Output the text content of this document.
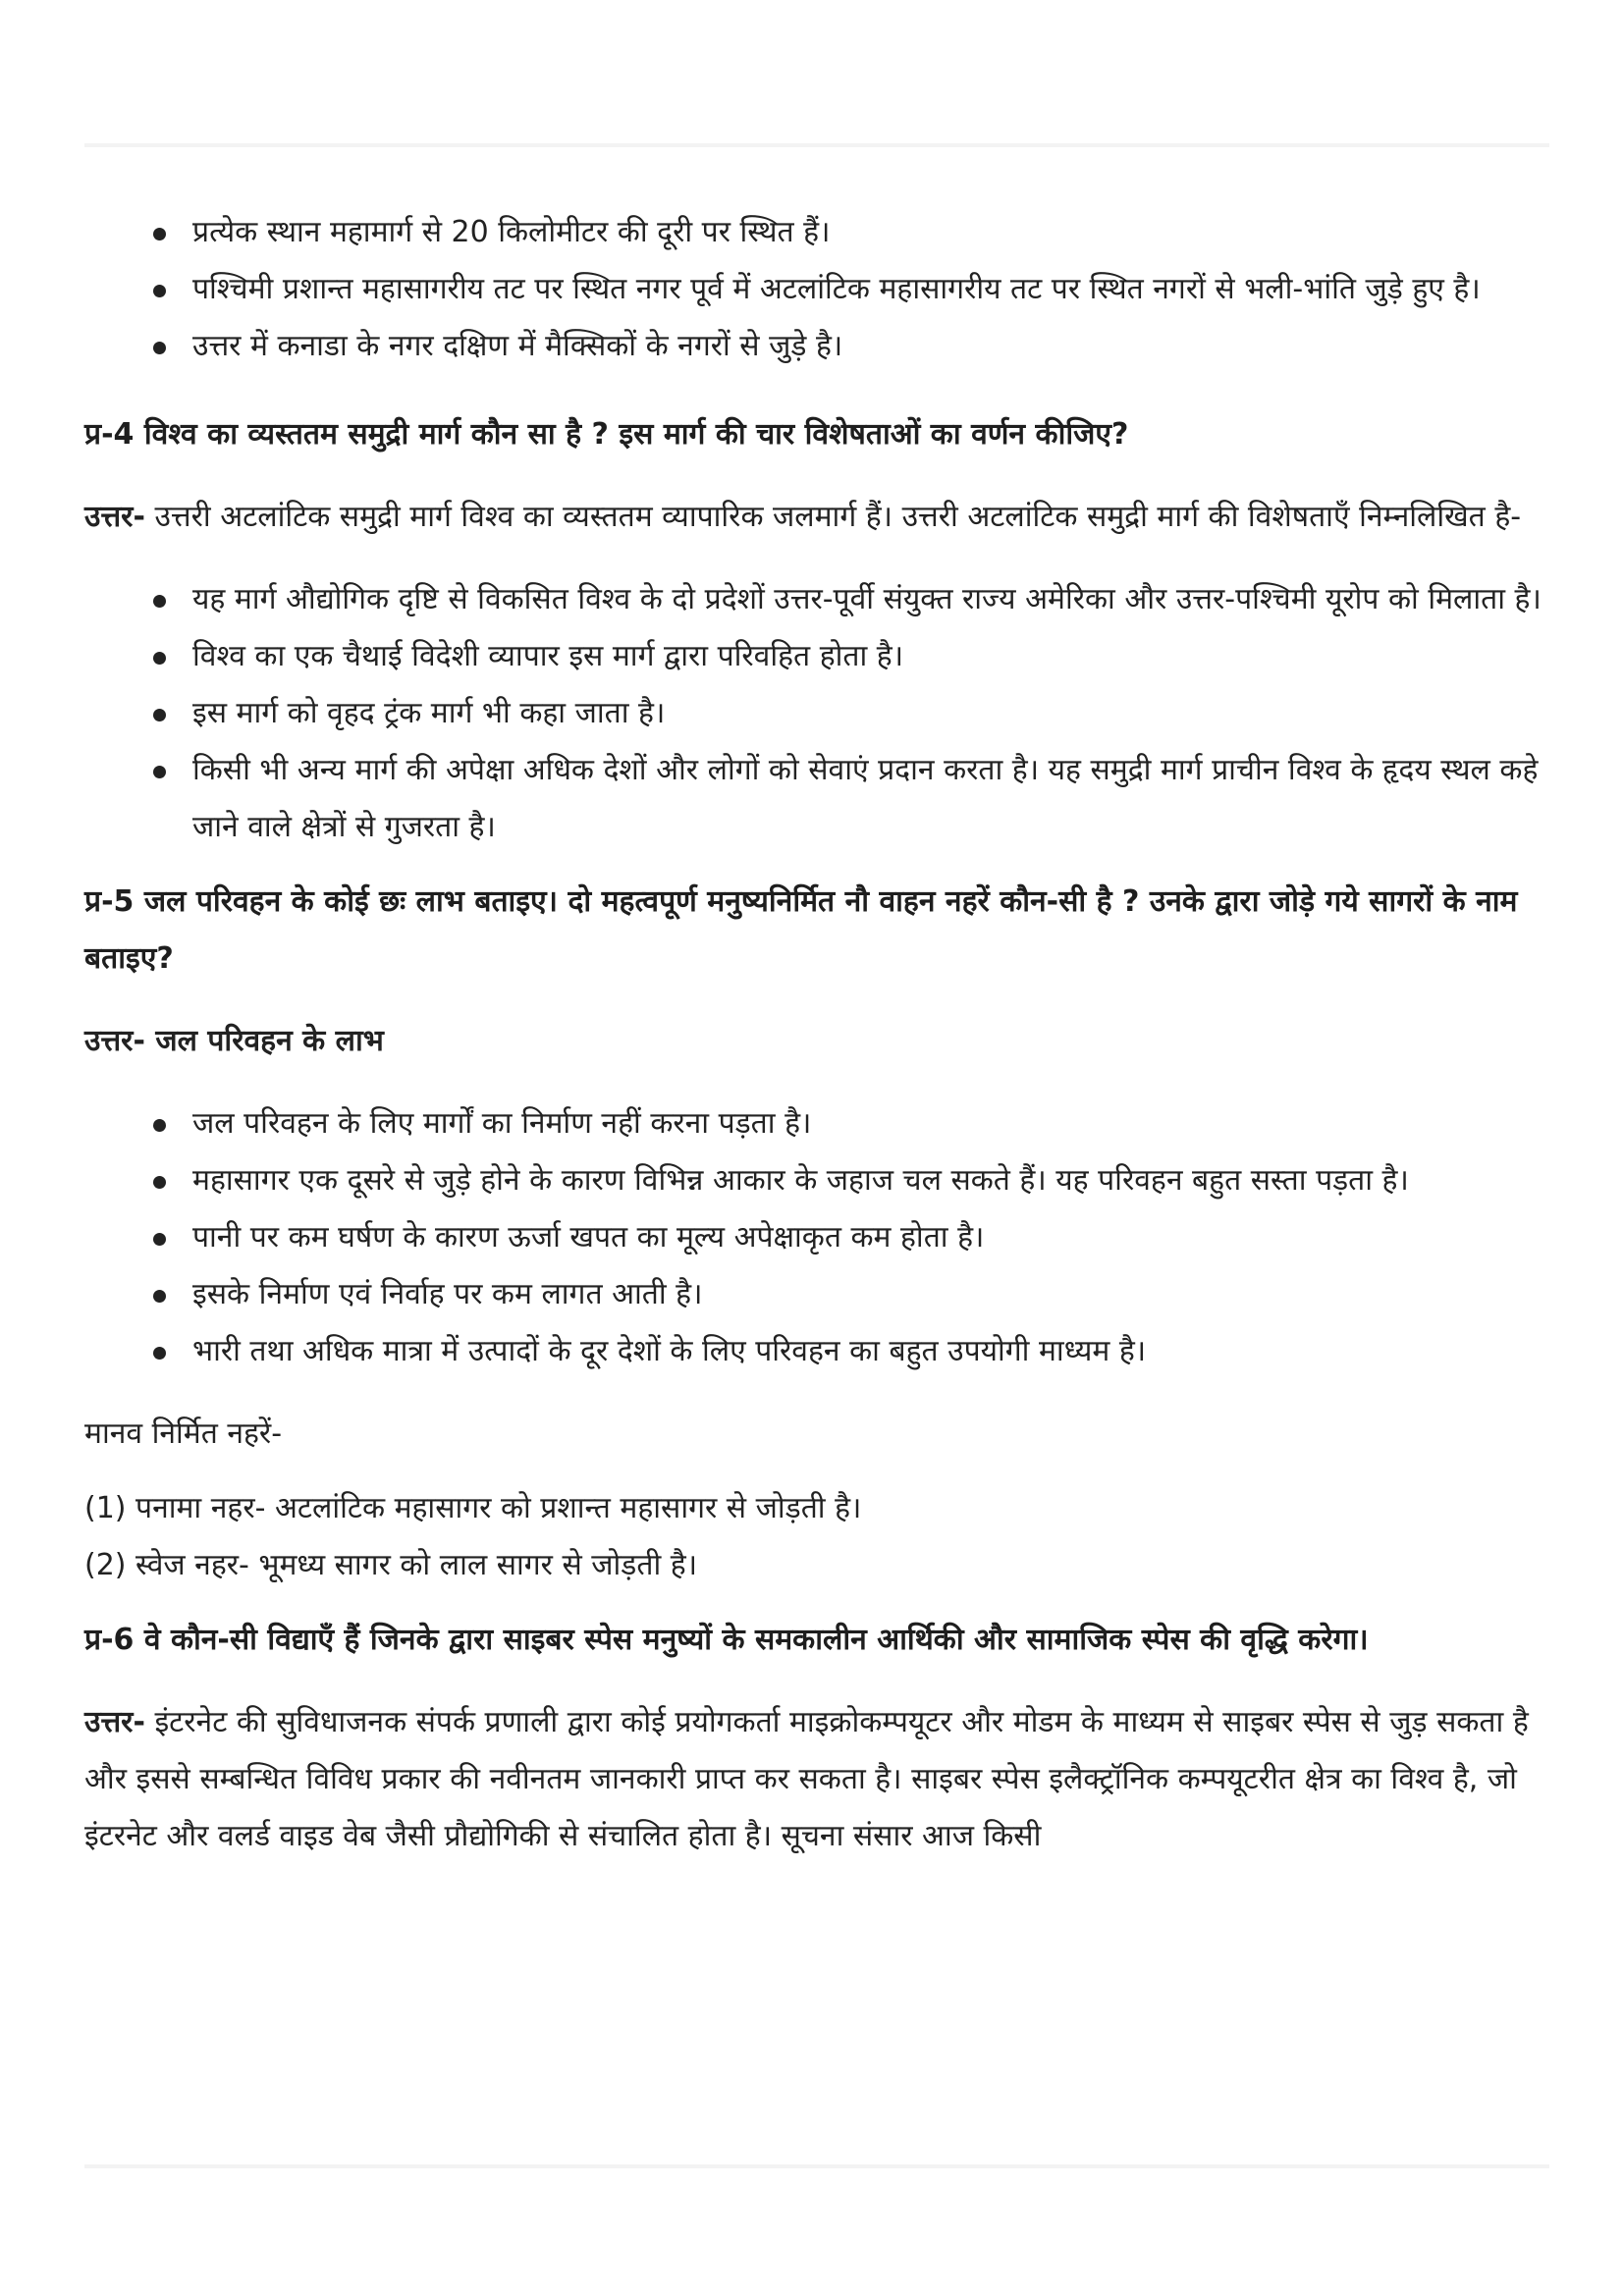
प्रत्येक स्थान महामार्ग से 20 किलोमीटर की दूरी पर स्थित हैं।
पश्चिमी प्रशान्त महासागरीय तट पर स्थित नगर पूर्व में अटलांटिक महासागरीय तट पर स्थित नगरों से भली-भांति जुड़े हुए है।
उत्तर में कनाडा के नगर दक्षिण में मैक्सिकों के नगरों से जुड़े है।

प्र-4 विश्व का व्यस्ततम समुद्री मार्ग कौन सा है ? इस मार्ग की चार विशेषताओं का वर्णन कीजिए?

उत्तर- उत्तरी अटलांटिक समुद्री मार्ग विश्व का व्यस्ततम व्यापारिक जलमार्ग हैं। उत्तरी अटलांटिक समुद्री मार्ग की विशेषताएँ निम्नलिखित है-

यह मार्ग औद्योगिक दृष्टि से विकसित विश्व के दो प्रदेशों उत्तर-पूर्वी संयुक्त राज्य अमेरिका और उत्तर-पश्चिमी यूरोप को मिलाता है।
विश्व का एक चैथाई विदेशी व्यापार इस मार्ग द्वारा परिवहित होता है।
इस मार्ग को वृहद ट्रंक मार्ग भी कहा जाता है।
किसी भी अन्य मार्ग की अपेक्षा अधिक देशों और लोगों को सेवाएं प्रदान करता है। यह समुद्री मार्ग प्राचीन विश्व के हृदय स्थल कहे जाने वाले क्षेत्रों से गुजरता है।

प्र-5 जल परिवहन के कोई छः लाभ बताइए। दो महत्वपूर्ण मनुष्यनिर्मित नौ वाहन नहरें कौन-सी है ? उनके द्वारा जोड़े गये सागरों के नाम बताइए?

उत्तर- जल परिवहन के लाभ

जल परिवहन के लिए मार्गों का निर्माण नहीं करना पड़ता है।
महासागर एक दूसरे से जुड़े होने के कारण विभिन्न आकार के जहाज चल सकते हैं। यह परिवहन बहुत सस्ता पड़ता है।
पानी पर कम घर्षण के कारण ऊर्जा खपत का मूल्य अपेक्षाकृत कम होता है।
इसके निर्माण एवं निर्वाह पर कम लागत आती है।
भारी तथा अधिक मात्रा में उत्पादों के दूर देशों के लिए परिवहन का बहुत उपयोगी माध्यम है।

मानव निर्मित नहरें-

(1) पनामा नहर- अटलांटिक महासागर को प्रशान्त महासागर से जोड़ती है।

(2) स्वेज नहर- भूमध्य सागर को लाल सागर से जोड़ती है।

प्र-6 वे कौन-सी विद्याएँ हैं जिनके द्वारा साइबर स्पेस मनुष्यों के समकालीन आर्थिकी और सामाजिक स्पेस की वृद्धि करेगा।

उत्तर- इंटरनेट की सुविधाजनक संपर्क प्रणाली द्वारा कोई प्रयोगकर्ता माइक्रोकम्पयूटर और मोडम के माध्यम से साइबर स्पेस से जुड़ सकता है और इससे सम्बन्धित विविध प्रकार की नवीनतम जानकारी प्राप्त कर सकता है। साइबर स्पेस इलैक्ट्रॉनिक कम्पयूटरीत क्षेत्र का विश्व है, जो इंटरनेट और वलर्ड वाइड वेब जैसी प्रौद्योगिकी से संचालित होता है। सूचना संसार आज किसी
